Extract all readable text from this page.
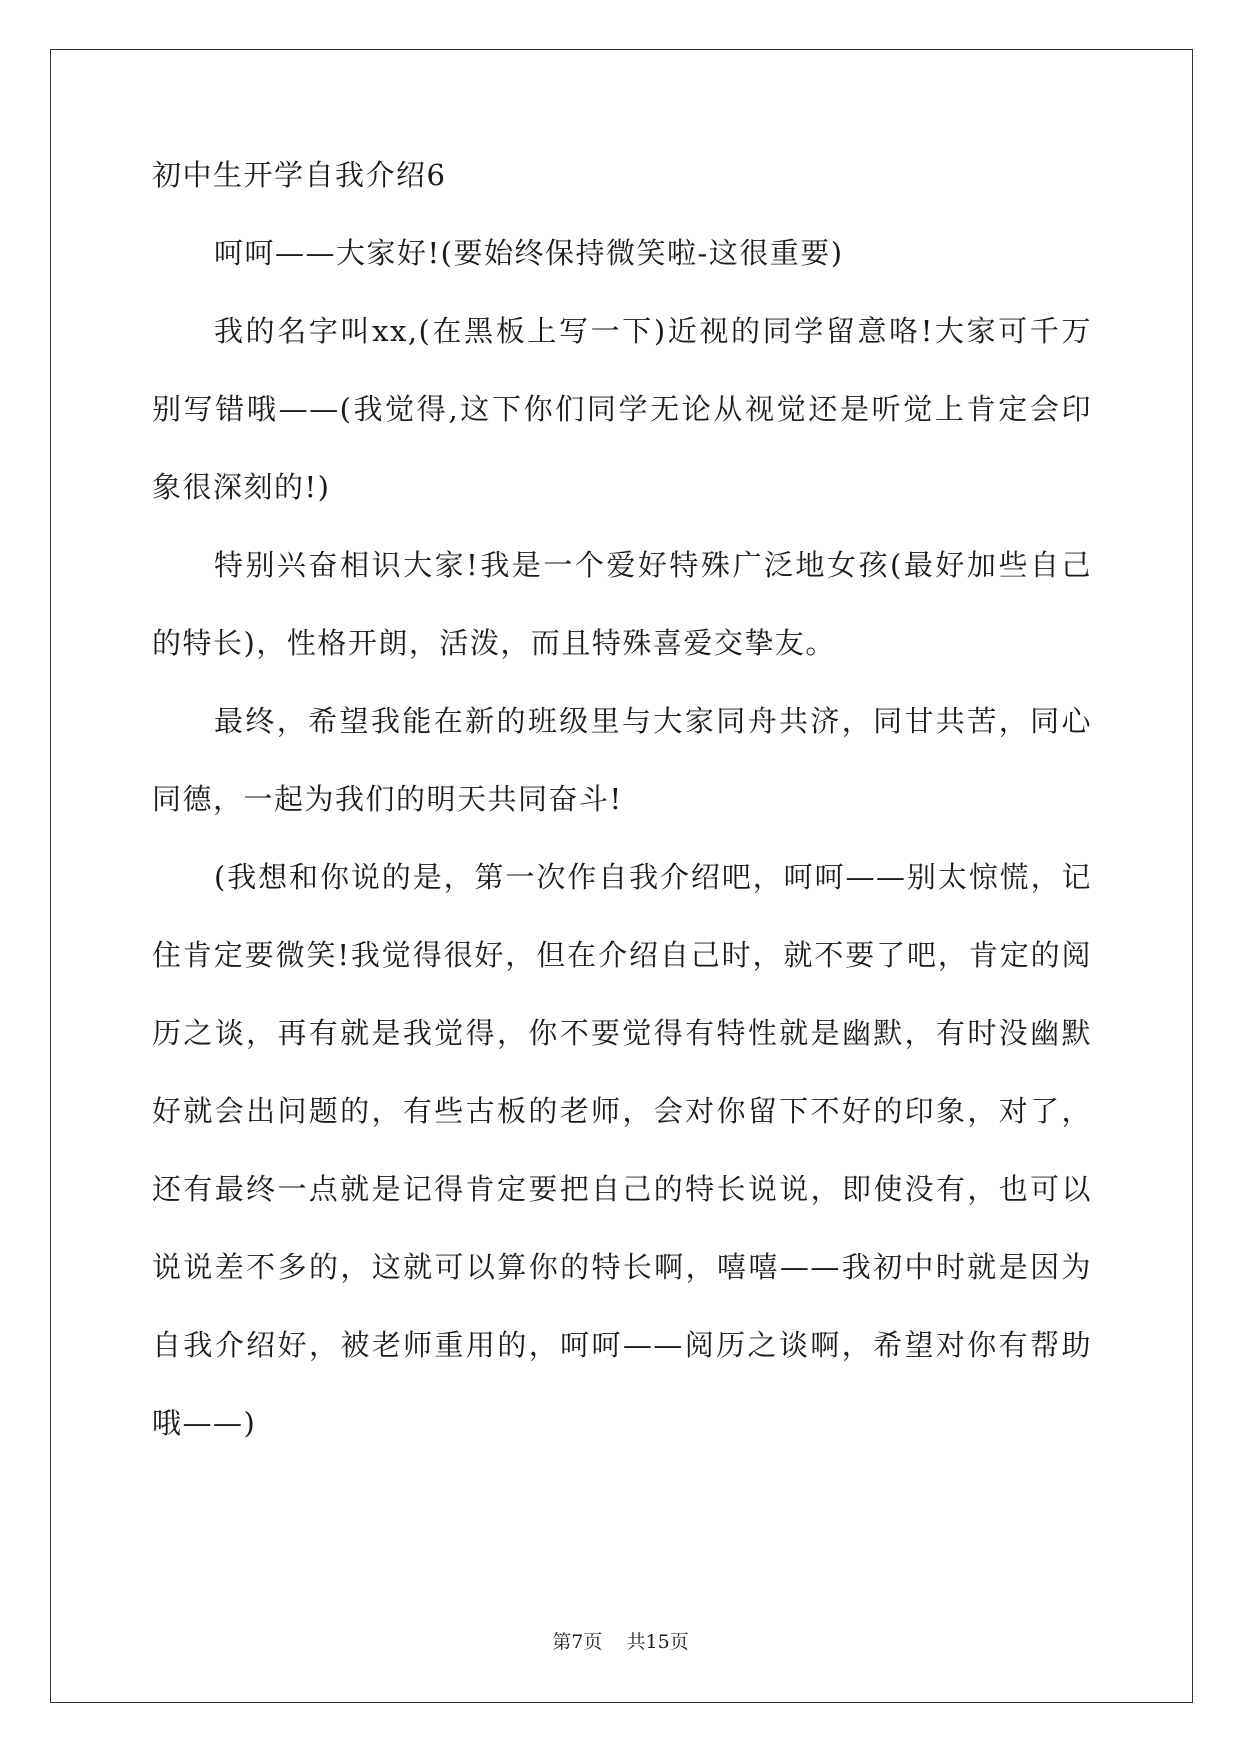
初中生开学自我介绍6
呵呵——大家好!(要始终保持微笑啦-这很重要)
我的名字叫xx,(在黑板上写一下)近视的同学留意咯!大家可千万
别写错哦——(我觉得,这下你们同学无论从视觉还是听觉上肯定会印
象很深刻的!)
特别兴奋相识大家!我是一个爱好特殊广泛地女孩(最好加些自己
的特长)，性格开朗，活泼，而且特殊喜爱交挚友。
最终，希望我能在新的班级里与大家同舟共济，同甘共苦，同心
同德，一起为我们的明天共同奋斗!
(我想和你说的是，第一次作自我介绍吧，呵呵——别太惊慌，记
住肯定要微笑!我觉得很好，但在介绍自己时，就不要了吧，肯定的阅
历之谈，再有就是我觉得，你不要觉得有特性就是幽默，有时没幽默
好就会出问题的，有些古板的老师，会对你留下不好的印象，对了，
还有最终一点就是记得肯定要把自己的特长说说，即使没有，也可以
说说差不多的，这就可以算你的特长啊，嘻嘻——我初中时就是因为
自我介绍好，被老师重用的，呵呵——阅历之谈啊，希望对你有帮助
哦——)
第7页 共15页
